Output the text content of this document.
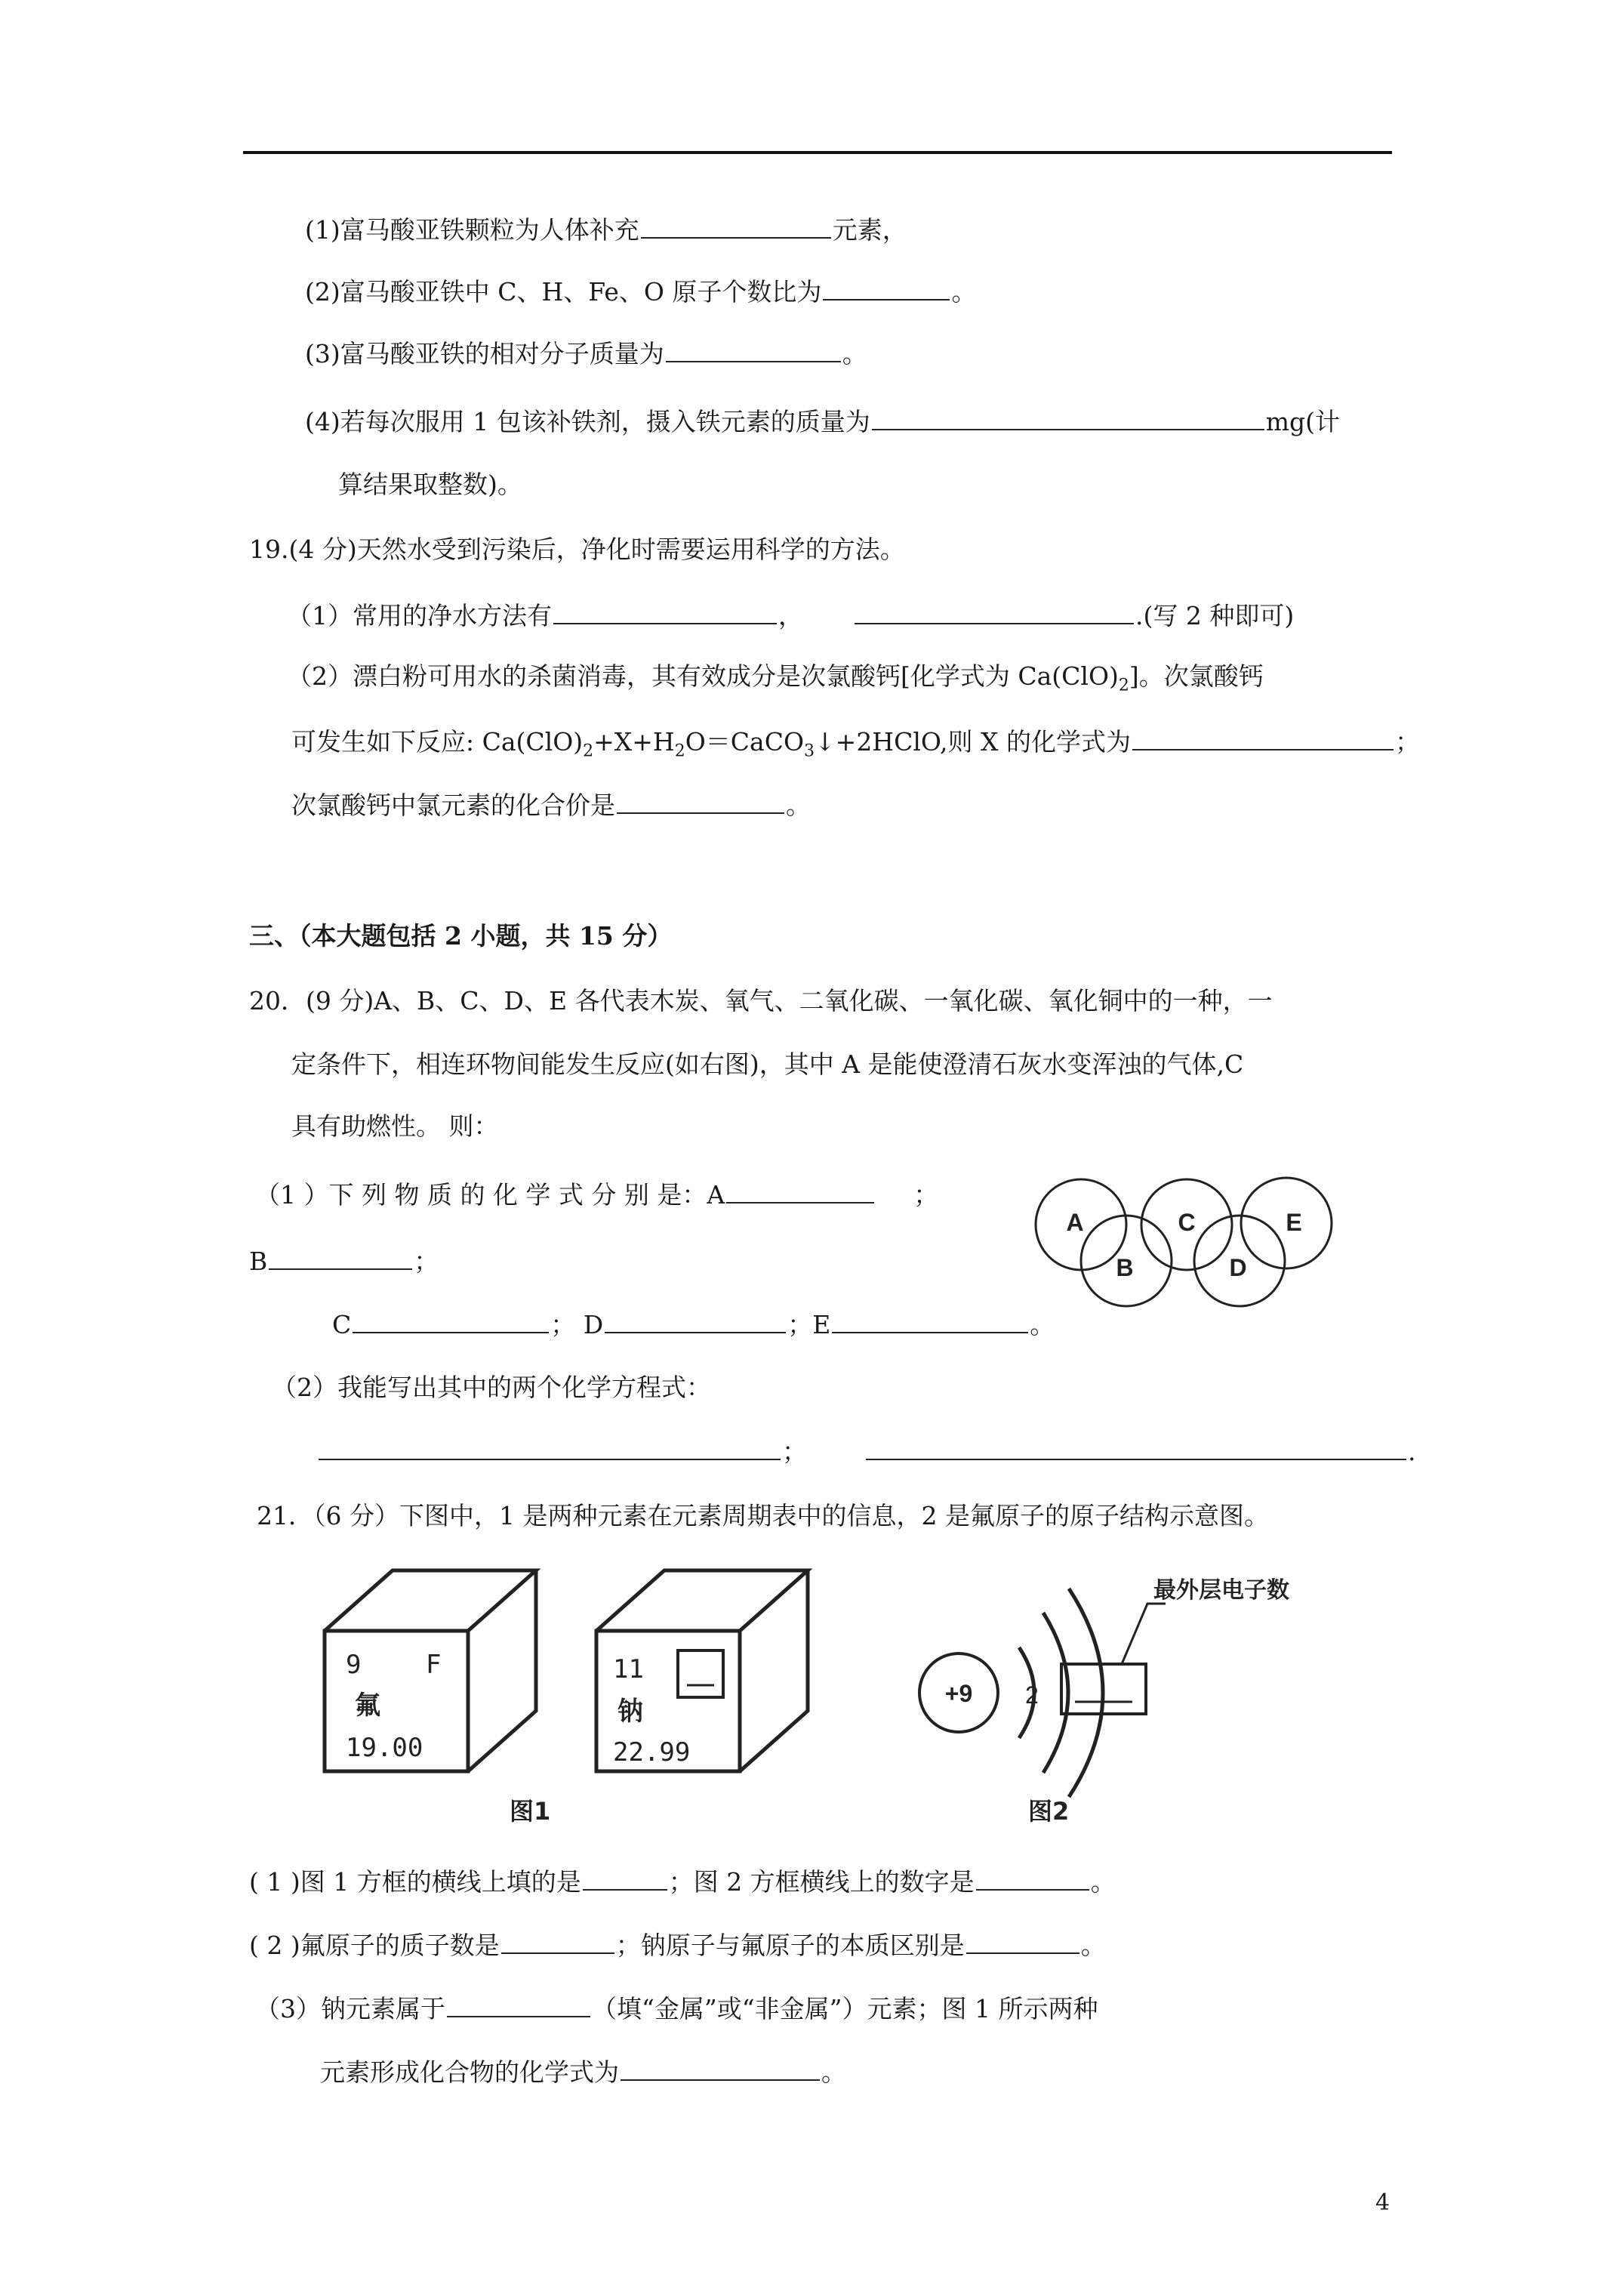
(1)富马酸亚铁颗粒为人体补充	元素，
(2)富马酸亚铁中 C、H、Fe、O 原子个数比为	。
(3)富马酸亚铁的相对分子质量为	。
(4)若每次服用 1 包该补铁剂，摄入铁元素的质量为	mg(计
算结果取整数)。
19.(4 分)天然水受到污染后，净化时需要运用科学的方法。
（1）常用的净水方法有	，	.(写 2 种即可)
（2）漂白粉可用水的杀菌消毒，其有效成分是次氯酸钙[化学式为 $Ca(ClO)_2$]。次氯酸钙
可发生如下反应: $Ca(ClO)_2+X+H_2O=CaCO_3↓+2HClO$,则 X 的化学式为	；
次氯酸钙中氯元素的化合价是	。
三、（本大题包括 2 小题，共 15 分）
20．(9 分)A、B、C、D、E 各代表木炭、氧气、二氧化碳、一氧化碳、氧化铜中的一种，一
定条件下，相连环物间能发生反应(如右图)，其中 A 是能使澄清石灰水变浑浊的气体,C
具有助燃性。 则：
（1 ）下 列 物 质 的 化 学 式 分 别 是：A	；
B	；
C	； D	；E	。
（2）我能写出其中的两个化学方程式：
；	.
A
B
C
D
E
21．（6 分）下图中，1 是两种元素在元素周期表中的信息，2 是氟原子的原子结构示意图。
9	F
氟
19.00
11
钠
22.99
图1
+9 2
最外层电子数
图2
( 1 )图 1 方框的横线上填的是	；图 2 方框横线上的数字是	。
( 2 )氟原子的质子数是	；钠原子与氟原子的本质区别是	。
（3）钠元素属于	（填“金属”或“非金属”）元素；图 1 所示两种
元素形成化合物的化学式为	。
4
